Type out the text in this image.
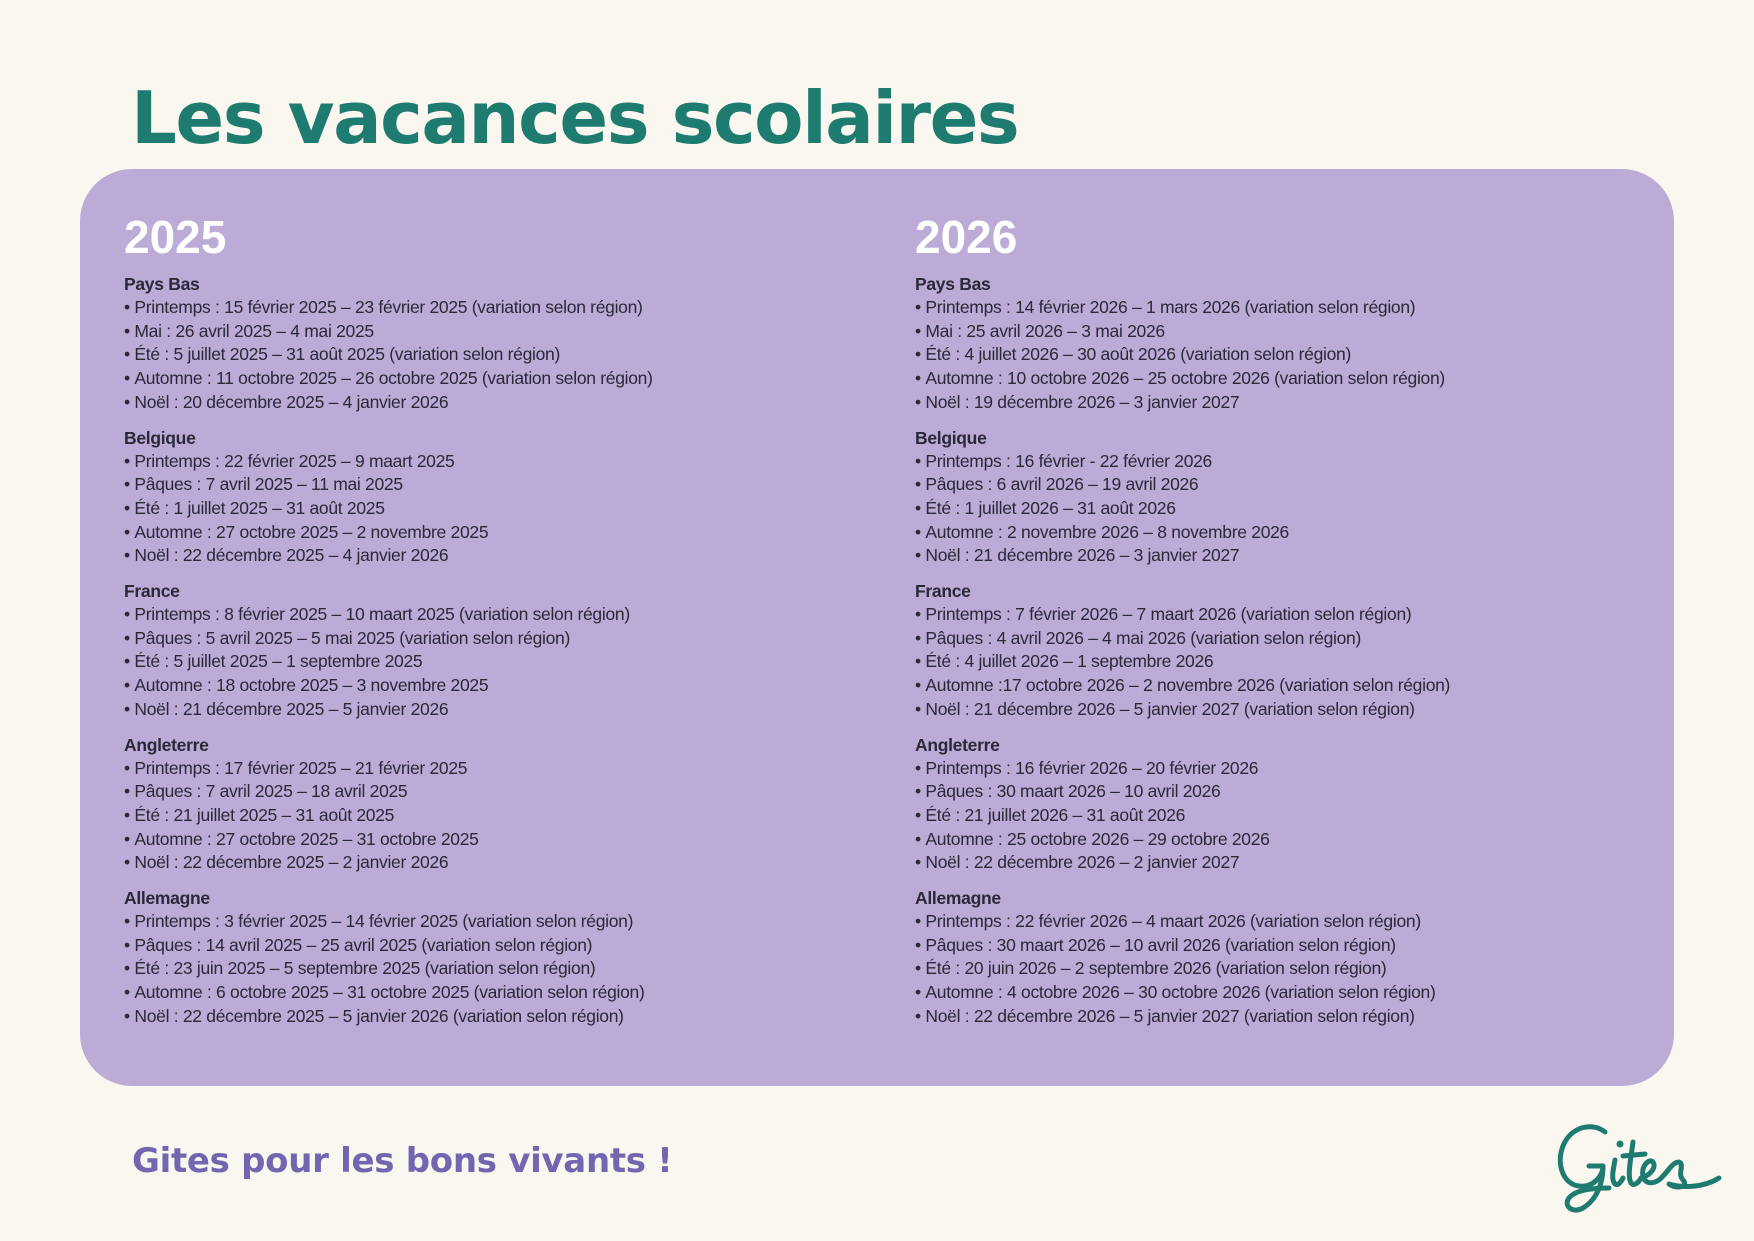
Les vacances scolaires
2025
Pays Bas
• Printemps : 15 février 2025 – 23 février 2025 (variation selon région)
• Mai : 26 avril 2025 – 4 mai 2025
• Été : 5 juillet 2025 – 31 août 2025 (variation selon région)
• Automne : 11 octobre 2025 – 26 octobre 2025 (variation selon région)
• Noël : 20 décembre 2025 – 4 janvier 2026
Belgique
• Printemps : 22 février 2025 – 9 maart 2025
• Pâques : 7 avril 2025 – 11 mai 2025
• Été : 1 juillet 2025 – 31 août 2025
• Automne : 27 octobre 2025 – 2 novembre 2025
• Noël : 22 décembre 2025 – 4 janvier 2026
France
• Printemps : 8 février 2025 – 10 maart 2025 (variation selon région)
• Pâques : 5 avril 2025 – 5 mai 2025 (variation selon région)
• Été : 5 juillet 2025 – 1 septembre 2025
• Automne : 18 octobre 2025 – 3 novembre 2025
• Noël : 21 décembre 2025 – 5 janvier 2026
Angleterre
• Printemps : 17 février 2025 – 21 février 2025
• Pâques : 7 avril 2025 – 18 avril 2025
• Été : 21 juillet 2025 – 31 août 2025
• Automne : 27 octobre 2025 – 31 octobre 2025
• Noël : 22 décembre 2025 – 2 janvier 2026
Allemagne
• Printemps : 3 février 2025 – 14 février 2025 (variation selon région)
• Pâques : 14 avril 2025 – 25 avril 2025 (variation selon région)
• Été : 23 juin 2025 – 5 septembre 2025 (variation selon région)
• Automne : 6 octobre 2025 – 31 octobre 2025 (variation selon région)
• Noël : 22 décembre 2025 – 5 janvier 2026 (variation selon région)
2026
Pays Bas
• Printemps : 14 février 2026 – 1 mars 2026 (variation selon région)
• Mai : 25 avril 2026 – 3 mai 2026
• Été : 4 juillet 2026 – 30 août 2026 (variation selon région)
• Automne : 10 octobre 2026 – 25 octobre 2026 (variation selon région)
• Noël : 19 décembre 2026 – 3 janvier 2027
Belgique
• Printemps : 16 février - 22 février 2026
• Pâques : 6 avril 2026 – 19 avril 2026
• Été : 1 juillet 2026 – 31 août 2026
• Automne : 2 novembre 2026 – 8 novembre 2026
• Noël : 21 décembre 2026 – 3 janvier 2027
France
• Printemps : 7 février 2026 – 7 maart 2026 (variation selon région)
• Pâques : 4 avril 2026 – 4 mai 2026 (variation selon région)
• Été : 4 juillet 2026 – 1 septembre 2026
• Automne :17 octobre 2026 – 2 novembre 2026 (variation selon région)
• Noël : 21 décembre 2026 – 5 janvier 2027 (variation selon région)
Angleterre
• Printemps : 16 février 2026 – 20 février 2026
• Pâques : 30 maart 2026 – 10 avril 2026
• Été : 21 juillet 2026 – 31 août 2026
• Automne : 25 octobre 2026 – 29 octobre 2026
• Noël : 22 décembre 2026 – 2 janvier 2027
Allemagne
• Printemps : 22 février 2026 – 4 maart 2026 (variation selon région)
• Pâques : 30 maart 2026 – 10 avril 2026 (variation selon région)
• Été : 20 juin 2026 – 2 septembre 2026 (variation selon région)
• Automne : 4 octobre 2026 – 30 octobre 2026 (variation selon région)
• Noël : 22 décembre 2026 – 5 janvier 2027 (variation selon région)

Gites pour les bons vivants !
